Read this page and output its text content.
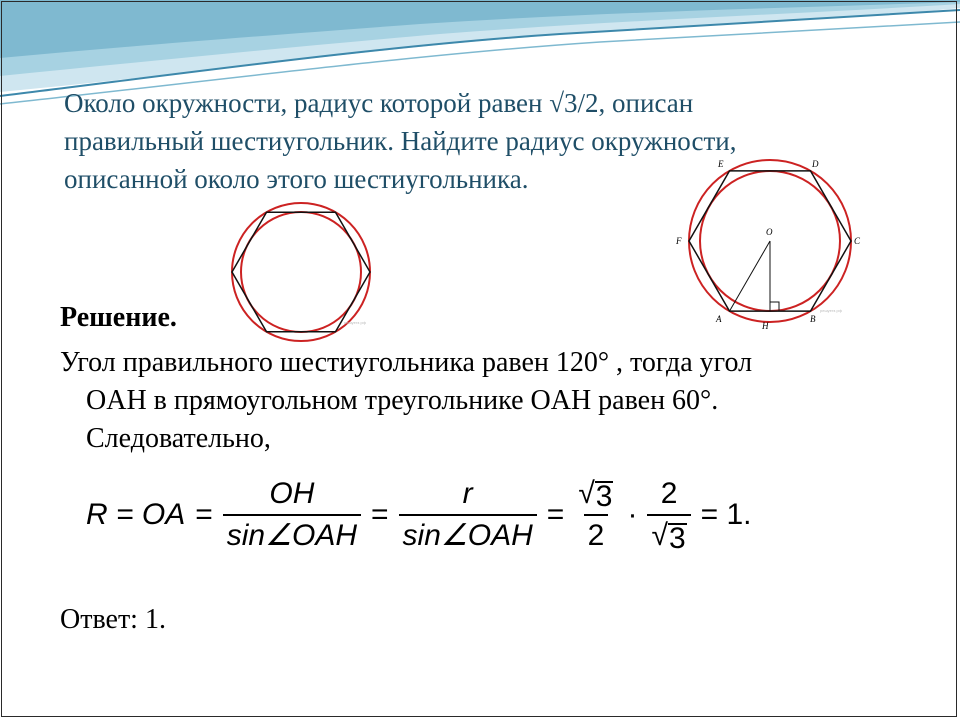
Около окружности, радиус которой равен √3/2, описан
правильный шестиугольник. Найдите радиус окружности,
описанной около этого шестиугольника.
решуегэ.рф
E	D
F	C
O
A
H
B
решуегэ.рф

Решение.

Угол правильного шестиугольника равен 120° , тогда угол
OAH в прямоугольном треугольнике OAH равен 60°.
Следовательно,

R = OA = $\frac{OH}{\text{sin∠OAH}} = \frac{r}{\text{sin∠OAH}} = \frac{√ 3}{2} \cdot \frac{2}{√ 3} = 1$.

Ответ: 1.
